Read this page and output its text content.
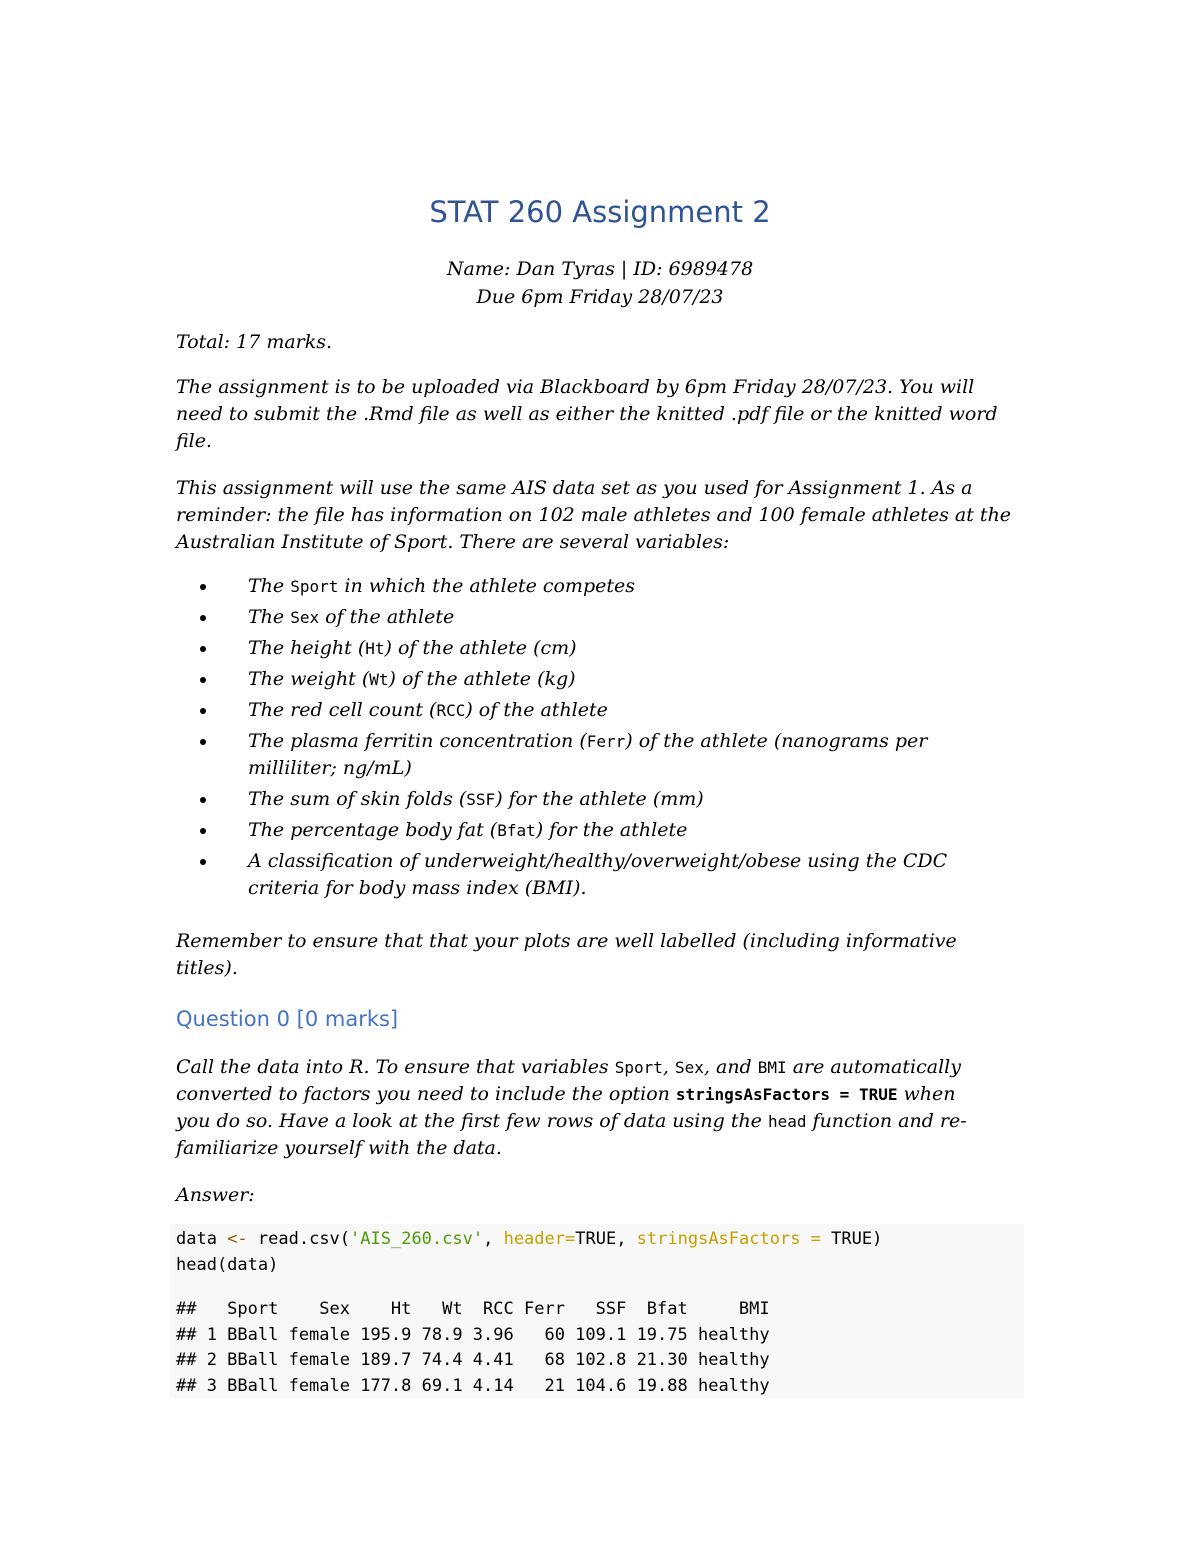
STAT 260 Assignment 2
Name: Dan Tyras | ID: 6989478
Due 6pm Friday 28/07/23
Total: 17 marks.
The assignment is to be uploaded via Blackboard by 6pm Friday 28/07/23. You will
need to submit the .Rmd file as well as either the knitted .pdf file or the knitted word
file.
This assignment will use the same AIS data set as you used for Assignment 1. As a
reminder: the file has information on 102 male athletes and 100 female athletes at the
Australian Institute of Sport. There are several variables:
The Sport in which the athlete competes
The Sex of the athlete
The height (Ht) of the athlete (cm)
The weight (Wt) of the athlete (kg)
The red cell count (RCC) of the athlete
The plasma ferritin concentration (Ferr) of the athlete (nanograms per
milliliter; ng/mL)
The sum of skin folds (SSF) for the athlete (mm)
The percentage body fat (Bfat) for the athlete
A classification of underweight/healthy/overweight/obese using the CDC
criteria for body mass index (BMI).
Remember to ensure that that your plots are well labelled (including informative
titles).
Question 0 [0 marks]
Call the data into R. To ensure that variables Sport, Sex, and BMI are automatically
converted to factors you need to include the option stringsAsFactors = TRUE when
you do so. Have a look at the first few rows of data using the head function and re-
familiarize yourself with the data.
Answer:
data <- read.csv('AIS_260.csv', header=TRUE, stringsAsFactors = TRUE)
head(data)
##   Sport    Sex    Ht   Wt  RCC Ferr   SSF  Bfat     BMI
## 1 BBall female 195.9 78.9 3.96   60 109.1 19.75 healthy
## 2 BBall female 189.7 74.4 4.41   68 102.8 21.30 healthy
## 3 BBall female 177.8 69.1 4.14   21 104.6 19.88 healthy
